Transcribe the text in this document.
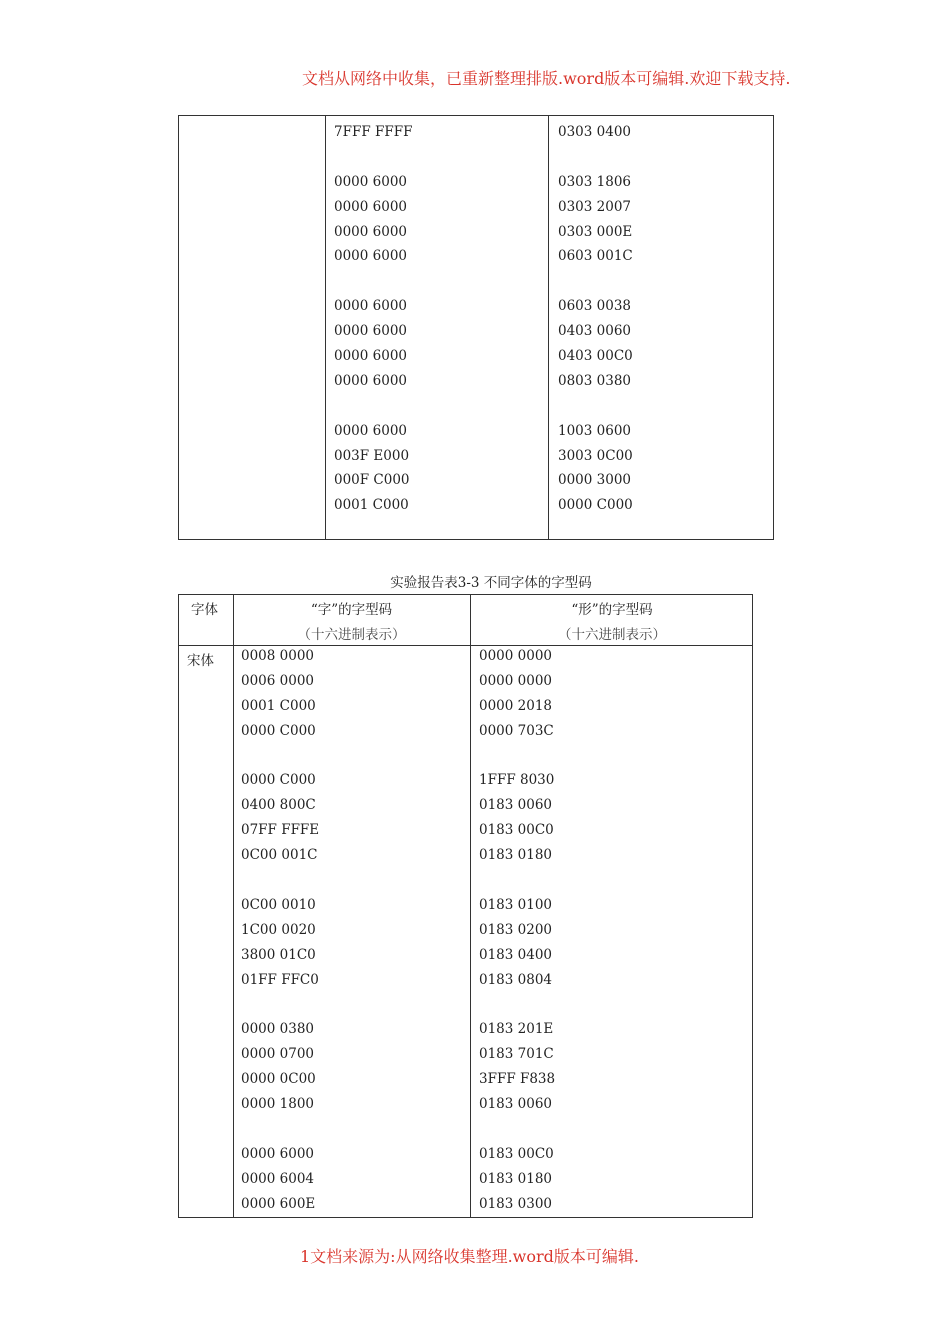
文档从网络中收集，已重新整理排版.word版本可编辑.欢迎下载支持.
7FFF FFFF
0000 6000
0000 6000
0000 6000
0000 6000
0000 6000
0000 6000
0000 6000
0000 6000
0000 6000
003F E000
000F C000
0001 C000
0303 0400
0303 1806
0303 2007
0303 000E
0603 001C
0603 0038
0403 0060
0403 00C0
0803 0380
1003 0600
3003 0C00
0000 3000
0000 C000
实验报告表3-3 不同字体的字型码
字体	“字”的字型码
（十六进制表示）
“形”的字型码
（十六进制表示）
宋体 0008 0000
0006 0000
0001 C000
0000 C000
0000 C000
0400 800C
07FF FFFE
0C00 001C
0C00 0010
1C00 0020
3800 01C0
01FF FFC0
0000 0380
0000 0700
0000 0C00
0000 1800
0000 6000
0000 6004
0000 600E
0000 0000
0000 0000
0000 2018
0000 703C
1FFF 8030
0183 0060
0183 00C0
0183 0180
0183 0100
0183 0200
0183 0400
0183 0804
0183 201E
0183 701C
3FFF F838
0183 0060
0183 00C0
0183 0180
0183 0300
1文档来源为:从网络收集整理.word版本可编辑.
